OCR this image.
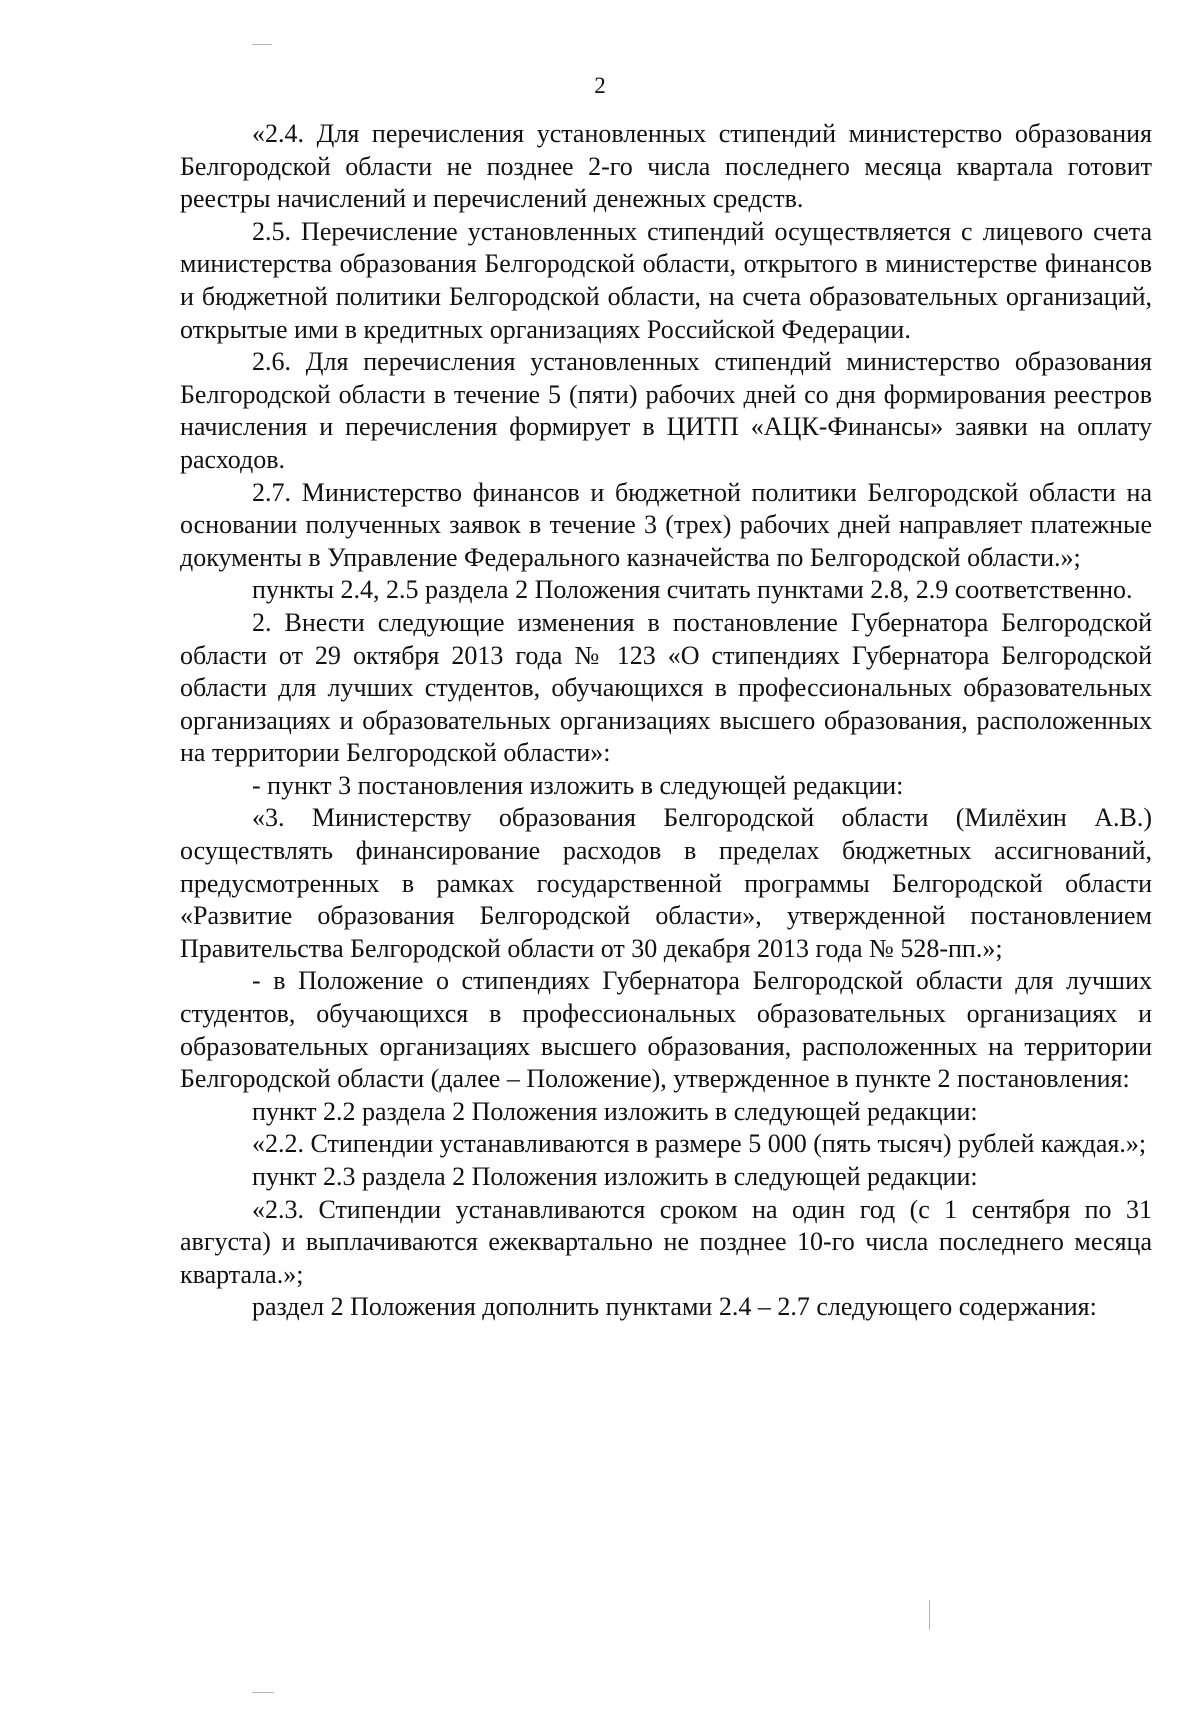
2

«2.4. Для перечисления установленных стипендий министерство образования Белгородской области не позднее 2-го числа последнего месяца квартала готовит реестры начислений и перечислений денежных средств.

2.5. Перечисление установленных стипендий осуществляется с лицевого счета министерства образования Белгородской области, открытого в министерстве финансов и бюджетной политики Белгородской области, на счета образовательных организаций, открытые ими в кредитных организациях Российской Федерации.

2.6. Для перечисления установленных стипендий министерство образования Белгородской области в течение 5 (пяти) рабочих дней со дня формирования реестров начисления и перечисления формирует в ЦИТП «АЦК-Финансы» заявки на оплату расходов.

2.7. Министерство финансов и бюджетной политики Белгородской области на основании полученных заявок в течение 3 (трех) рабочих дней направляет платежные документы в Управление Федерального казначейства по Белгородской области.»;

пункты 2.4, 2.5 раздела 2 Положения считать пунктами 2.8, 2.9 соответственно.

2. Внести следующие изменения в постановление Губернатора Белгородской области от 29 октября 2013 года № 123 «О стипендиях Губернатора Белгородской области для лучших студентов, обучающихся в профессиональных образовательных организациях и образовательных организациях высшего образования, расположенных на территории Белгородской области»:

- пункт 3 постановления изложить в следующей редакции:

«3. Министерству образования Белгородской области (Милёхин А.В.) осуществлять финансирование расходов в пределах бюджетных ассигнований, предусмотренных в рамках государственной программы Белгородской области «Развитие образования Белгородской области», утвержденной постановлением Правительства Белгородской области от 30 декабря 2013 года № 528-пп.»;

- в Положение о стипендиях Губернатора Белгородской области для лучших студентов, обучающихся в профессиональных образовательных организациях и образовательных организациях высшего образования, расположенных на территории Белгородской области (далее – Положение), утвержденное в пункте 2 постановления:

пункт 2.2 раздела 2 Положения изложить в следующей редакции:

«2.2. Стипендии устанавливаются в размере 5 000 (пять тысяч) рублей каждая.»;

пункт 2.3 раздела 2 Положения изложить в следующей редакции:

«2.3. Стипендии устанавливаются сроком на один год (с 1 сентября по 31 августа) и выплачиваются ежеквартально не позднее 10-го числа последнего месяца квартала.»;

раздел 2 Положения дополнить пунктами 2.4 – 2.7 следующего содержания:
